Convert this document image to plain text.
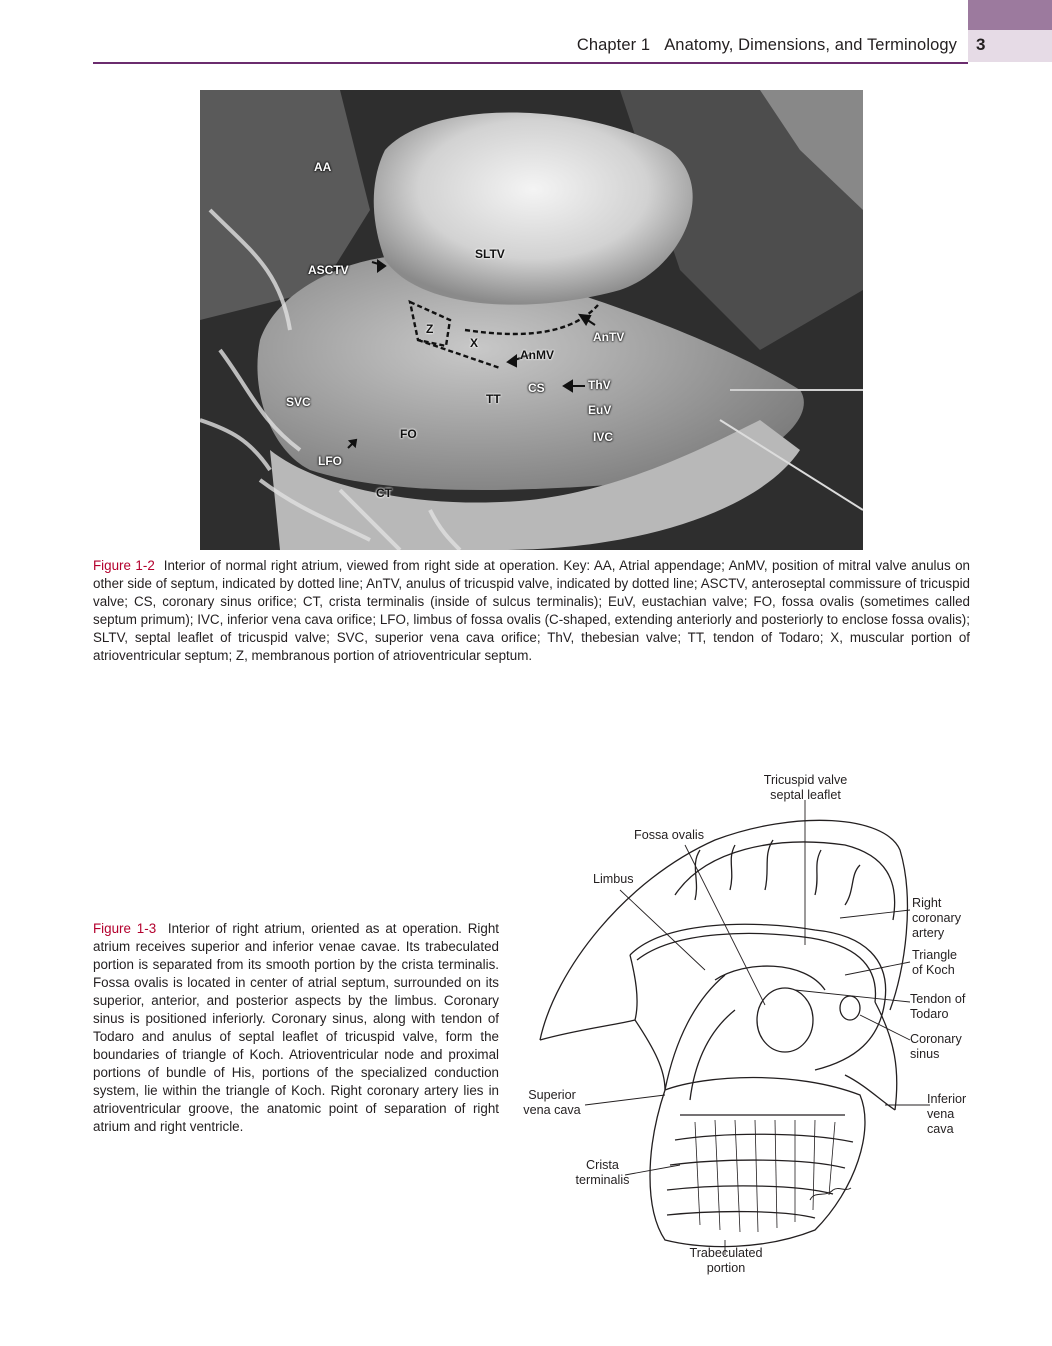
Chapter 1 Anatomy, Dimensions, and Terminology 3
AA
SLTV
ASCTV
Z
X	AnTV
AnMV
CS	ThV
SVC	TT
EuV
FO	IVC
LFO
CT
Figure 1-2 Interior of normal right atrium, viewed from right side at operation. Key: AA, Atrial appendage; AnMV, position of mitral valve anulus on other side of septum, indicated by dotted line; AnTV, anulus of tricuspid valve, indicated by dotted line; ASCTV, anteroseptal commissure of tricuspid valve; CS, coronary sinus orifice; CT, crista terminalis (inside of sulcus terminalis); EuV, eustachian valve; FO, fossa ovalis (sometimes called septum primum); IVC, inferior vena cava orifice; LFO, limbus of fossa ovalis (C-shaped, extending anteriorly and posteriorly to enclose fossa ovalis); SLTV, septal leaflet of tricuspid valve; SVC, superior vena cava orifice; ThV, thebesian valve; TT, tendon of Todaro; X, muscular portion of atrioventricular septum; Z, membranous portion of atrioventricular septum.
Figure 1-3 Interior of right atrium, oriented as at operation. Right atrium receives superior and inferior venae cavae. Its trabeculated portion is separated from its smooth portion by the crista terminalis. Fossa ovalis is located in center of atrial septum, surrounded on its superior, anterior, and posterior aspects by the limbus. Coronary sinus is positioned inferiorly. Coronary sinus, along with tendon of Todaro and anulus of septal leaflet of tricuspid valve, form the boundaries of triangle of Koch. Atrioventricular node and proximal portions of bundle of His, portions of the specialized conduction system, lie within the triangle of Koch. Right coronary artery lies in atrioventricular groove, the anatomic point of separation of right atrium and right ventricle.
Tricuspid valve
septal leaflet
Fossa ovalis
Limbus
Right
coronary
artery
Triangle
of Koch
Tendon of
Todaro
Coronary
sinus
Superior
vena cava
Inferior
vena
cava
Crista
terminalis
Trabeculated
portion
